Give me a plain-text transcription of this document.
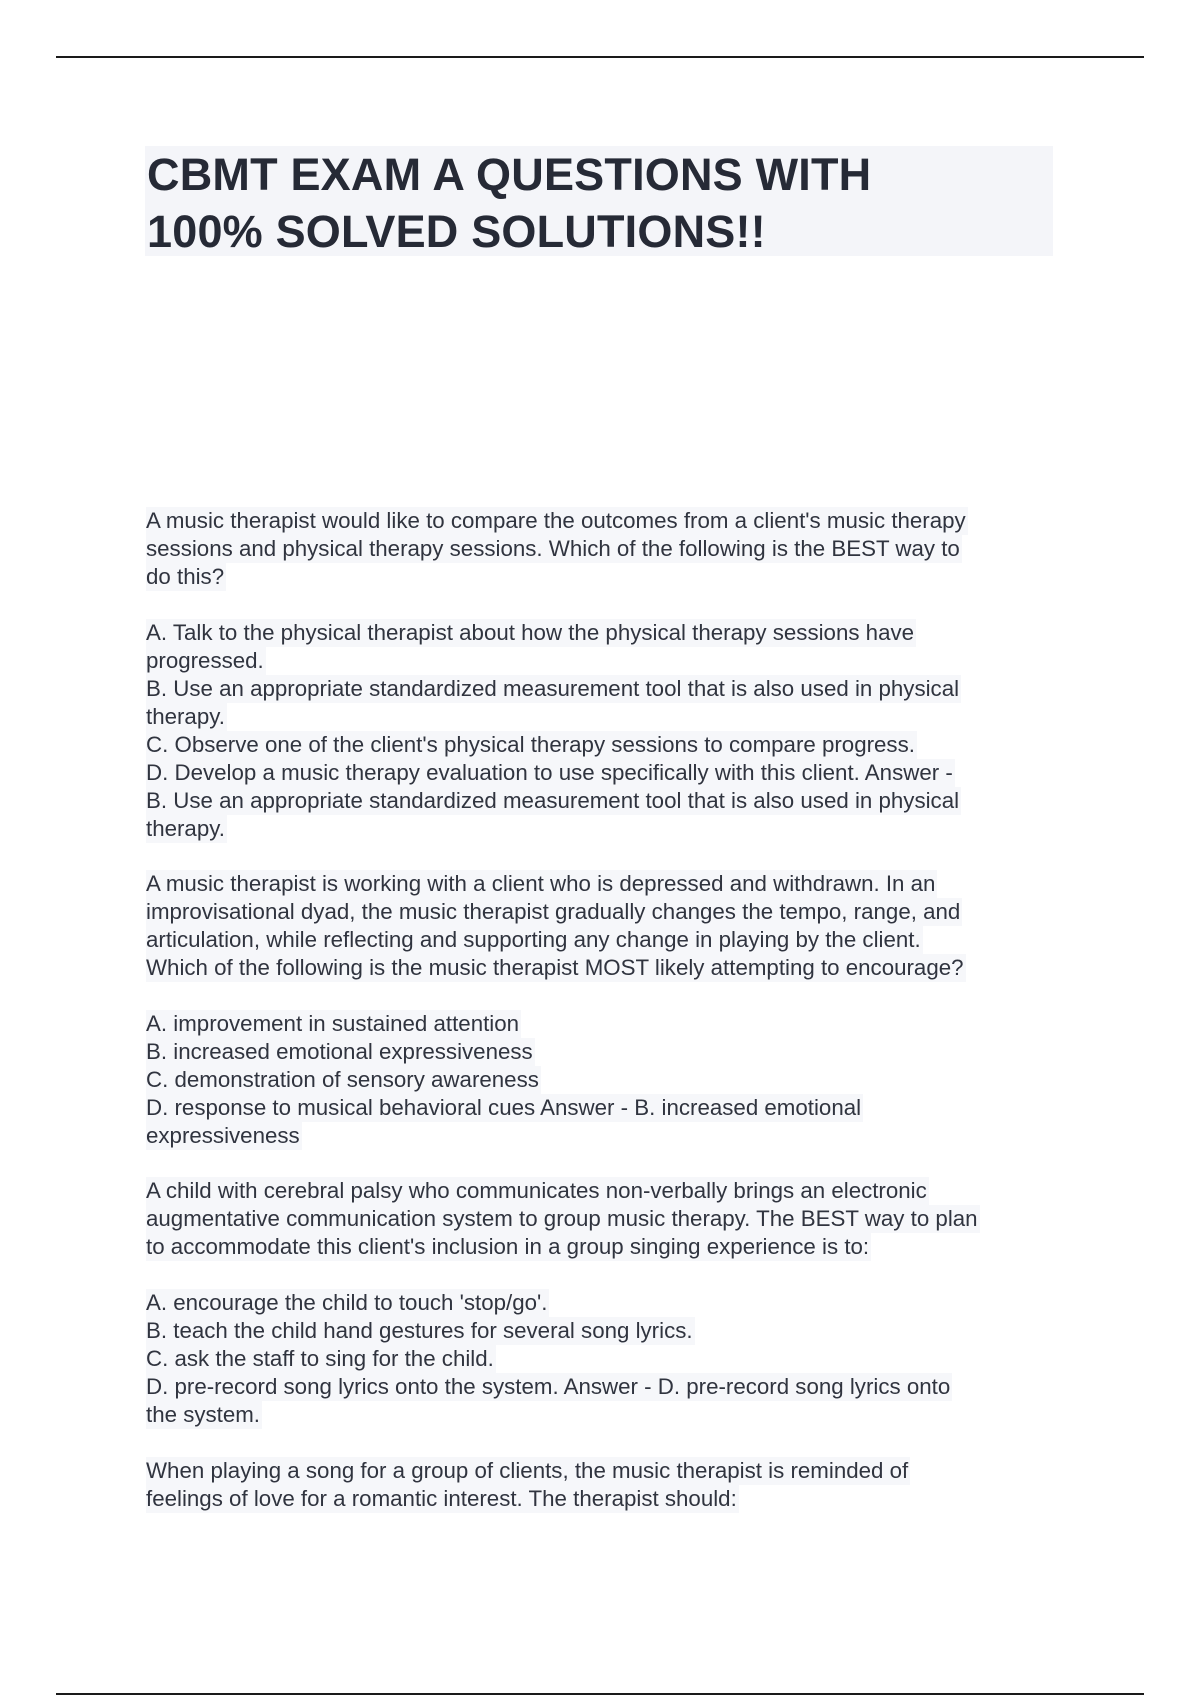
CBMT EXAM A QUESTIONS WITH
100% SOLVED SOLUTIONS!!
A music therapist would like to compare the outcomes from a client's music therapy
sessions and physical therapy sessions. Which of the following is the BEST way to
do this?
A. Talk to the physical therapist about how the physical therapy sessions have
progressed.
B. Use an appropriate standardized measurement tool that is also used in physical
therapy.
C. Observe one of the client's physical therapy sessions to compare progress.
D. Develop a music therapy evaluation to use specifically with this client. Answer -
B. Use an appropriate standardized measurement tool that is also used in physical
therapy.
A music therapist is working with a client who is depressed and withdrawn. In an
improvisational dyad, the music therapist gradually changes the tempo, range, and
articulation, while reflecting and supporting any change in playing by the client.
Which of the following is the music therapist MOST likely attempting to encourage?
A. improvement in sustained attention
B. increased emotional expressiveness
C. demonstration of sensory awareness
D. response to musical behavioral cues Answer - B. increased emotional
expressiveness
A child with cerebral palsy who communicates non-verbally brings an electronic
augmentative communication system to group music therapy. The BEST way to plan
to accommodate this client's inclusion in a group singing experience is to:
A. encourage the child to touch 'stop/go'.
B. teach the child hand gestures for several song lyrics.
C. ask the staff to sing for the child.
D. pre-record song lyrics onto the system. Answer - D. pre-record song lyrics onto
the system.
When playing a song for a group of clients, the music therapist is reminded of
feelings of love for a romantic interest. The therapist should:
